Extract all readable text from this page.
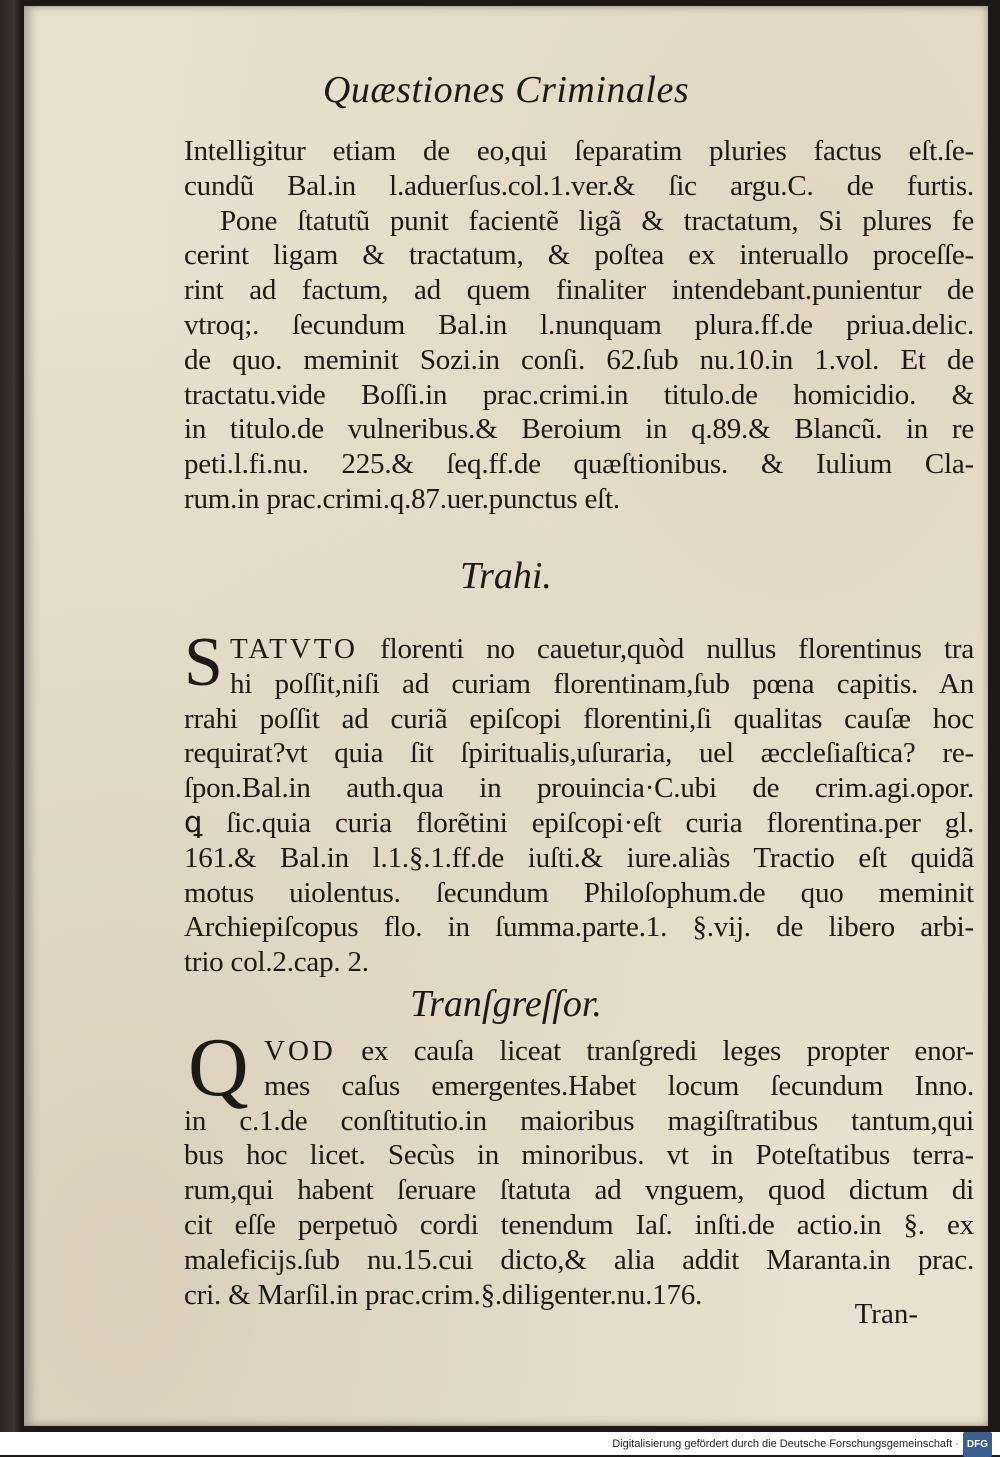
Quæstiones Criminales
Intelligitur etiam de eo,qui ſeparatim pluries factus eſt.ſe-
cundũ Bal.in l.aduerſus.col.1.ver.& ſic argu.C. de furtis.
Pone ſtatutũ punit facientẽ ligã & tractatum, Si plures fe
cerint ligam & tractatum, & poſtea ex interuallo proceſſe-
rint ad factum, ad quem finaliter intendebant.punientur de
vtroq;. ſecundum Bal.in l.nunquam plura.ff.de priua.delic.
de quo. meminit Sozi.in conſi. 62.ſub nu.10.in 1.vol. Et de
tractatu.vide Boſſi.in prac.crimi.in titulo.de homicidio. &
in titulo.de vulneribus.& Beroium in q.89.& Blancũ. in re
peti.l.fi.nu. 225.& ſeq.ff.de quæſtionibus. & Iulium Cla-
rum.in prac.crimi.q.87.uer.punctus eſt.
Trahi.
S TATVTO florenti no cauetur,quòd nullus florentinus tra
hi poſſit,niſi ad curiam florentinam,ſub pœna capitis. An
rrahi poſſit ad curiã epiſcopi florentini,ſi qualitas cauſæ hoc
requirat?vt quia ſit ſpiritualis,uſuraria, uel æccleſiaſtica? re-
ſpon.Bal.in auth.qua in prouincia·C.ubi de crim.agi.opor.
ꝗ ſic.quia curia florẽtini epiſcopi·eſt curia florentina.per gl.
161.& Bal.in l.1.§.1.ff.de iuſti.& iure.aliàs Tractio eſt quidã
motus uiolentus. ſecundum Philoſophum.de quo meminit
Archiepiſcopus flo. in ſumma.parte.1. §.vij. de libero arbi-
trio col.2.cap. 2.
Tranſgreſſor.
Q VOD ex cauſa liceat tranſgredi leges propter enor-
mes caſus emergentes.Habet locum ſecundum Inno.
in c.1.de conſtitutio.in maioribus magiſtratibus tantum,qui
bus hoc licet. Secùs in minoribus. vt in Poteſtatibus terra-
rum,qui habent ſeruare ſtatuta ad vnguem, quod dictum di
cit eſſe perpetuò cordi tenendum Iaſ. inſti.de actio.in §. ex
maleficijs.ſub nu.15.cui dicto,& alia addit Maranta.in prac.
cri. & Marſil.in prac.crim.§.diligenter.nu.176.
Tran-
Digitalisierung gefördert durch die Deutsche Forschungsgemeinschaft · DFG
